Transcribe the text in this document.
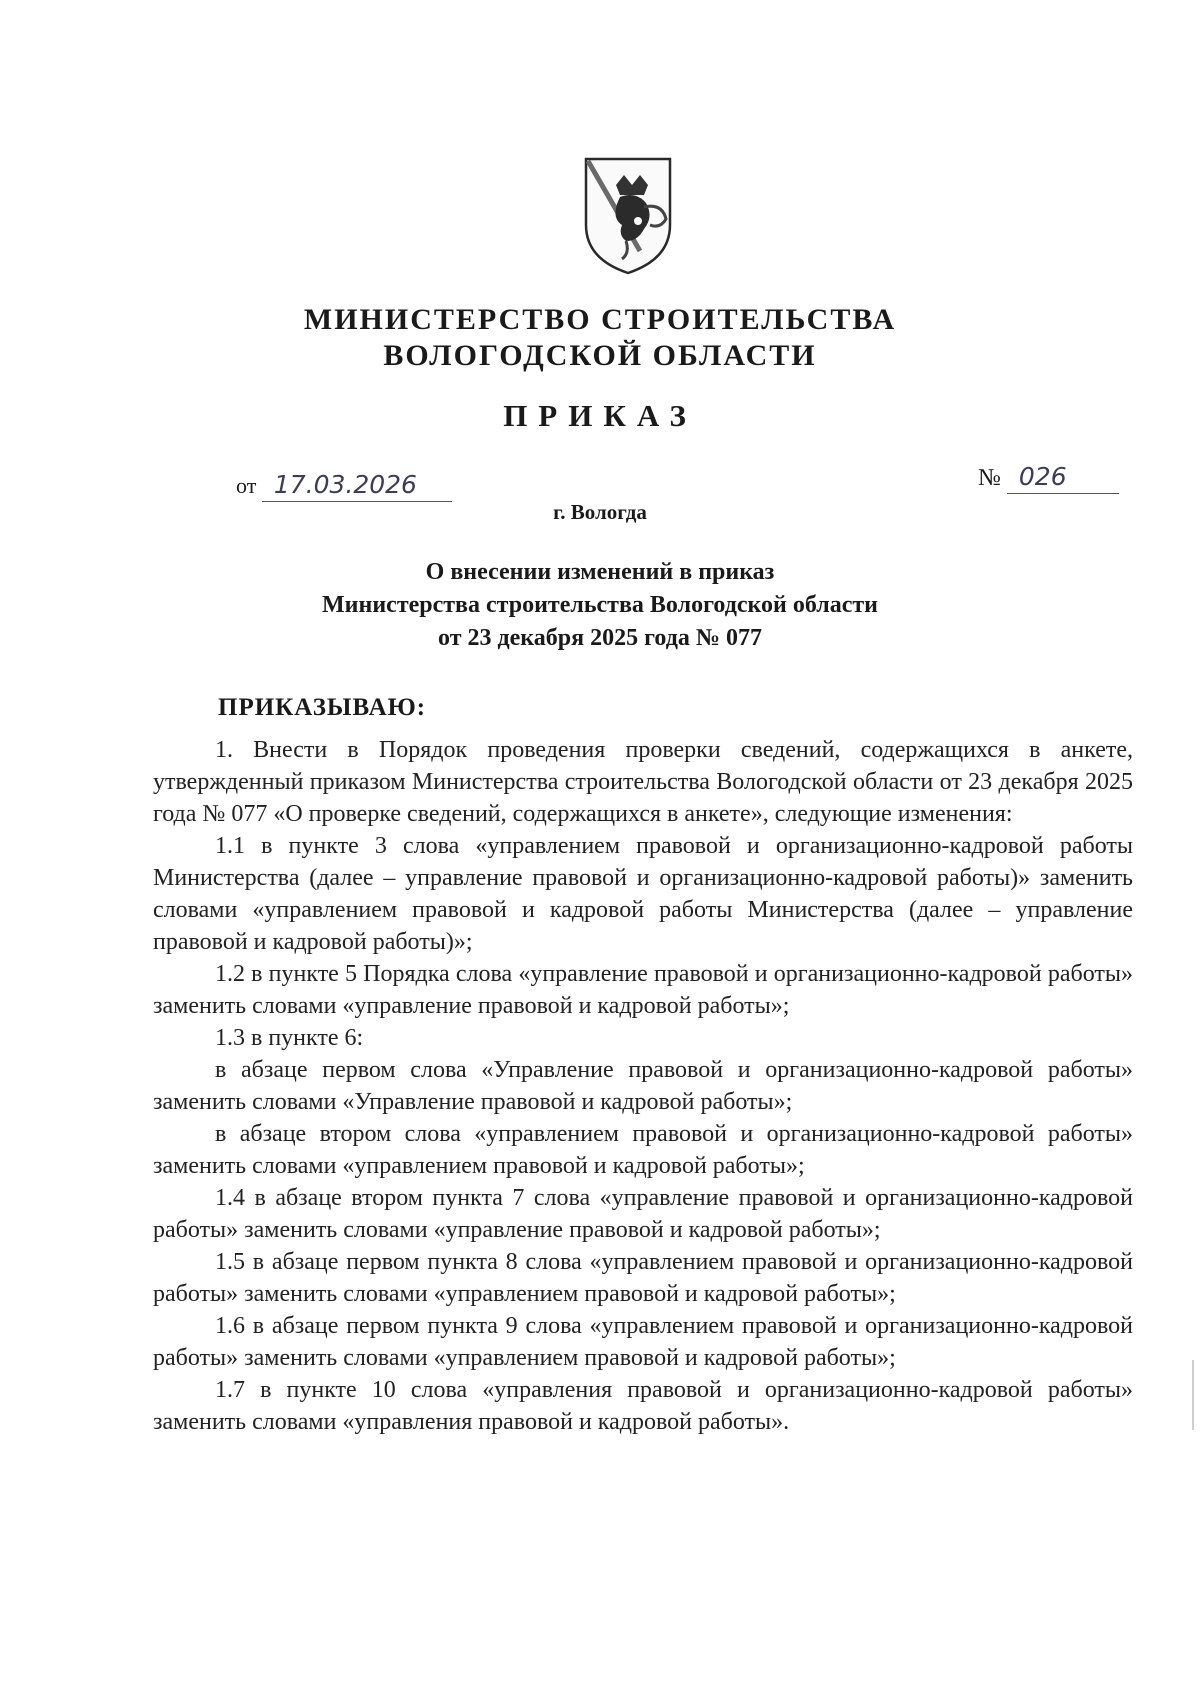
МИНИСТЕРСТВО СТРОИТЕЛЬСТВА
ВОЛОГОДСКОЙ ОБЛАСТИ
ПРИКАЗ
от 17.03.2026	№ 026
г. Вологда
О внесении изменений в приказ
Министерства строительства Вологодской области
от 23 декабря 2025 года № 077
ПРИКАЗЫВАЮ:

1. Внести в Порядок проведения проверки сведений, содержащихся в анкете, утвержденный приказом Министерства строительства Вологодской области от 23 декабря 2025 года № 077 «О проверке сведений, содержащихся в анкете», следующие изменения:

1.1 в пункте 3 слова «управлением правовой и организационно-кадровой работы Министерства (далее – управление правовой и организационно-кадровой работы)» заменить словами «управлением правовой и кадровой работы Министерства (далее – управление правовой и кадровой работы)»;

1.2 в пункте 5 Порядка слова «управление правовой и организационно-кадровой работы» заменить словами «управление правовой и кадровой работы»;

1.3 в пункте 6:

в абзаце первом слова «Управление правовой и организационно-кадровой работы» заменить словами «Управление правовой и кадровой работы»;

в абзаце втором слова «управлением правовой и организационно-кадровой работы» заменить словами «управлением правовой и кадровой работы»;

1.4 в абзаце втором пункта 7 слова «управление правовой и организационно-кадровой работы» заменить словами «управление правовой и кадровой работы»;

1.5 в абзаце первом пункта 8 слова «управлением правовой и организационно-кадровой работы» заменить словами «управлением правовой и кадровой работы»;

1.6 в абзаце первом пункта 9 слова «управлением правовой и организационно-кадровой работы» заменить словами «управлением правовой и кадровой работы»;

1.7 в пункте 10 слова «управления правовой и организационно-кадровой работы» заменить словами «управления правовой и кадровой работы».
